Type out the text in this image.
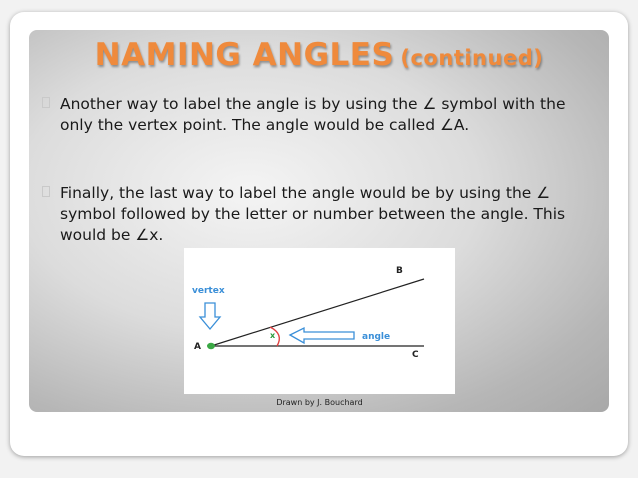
NAMING ANGLES (continued)
Another way to label the angle is by using the ∠ symbol with the only the vertex point. The angle would be called ∠A.
Finally, the last way to label the angle would be by using the ∠ symbol followed by the letter or number between the angle. This would be ∠x.
vertex
angle
A
B
C
x
Drawn by J. Bouchard
